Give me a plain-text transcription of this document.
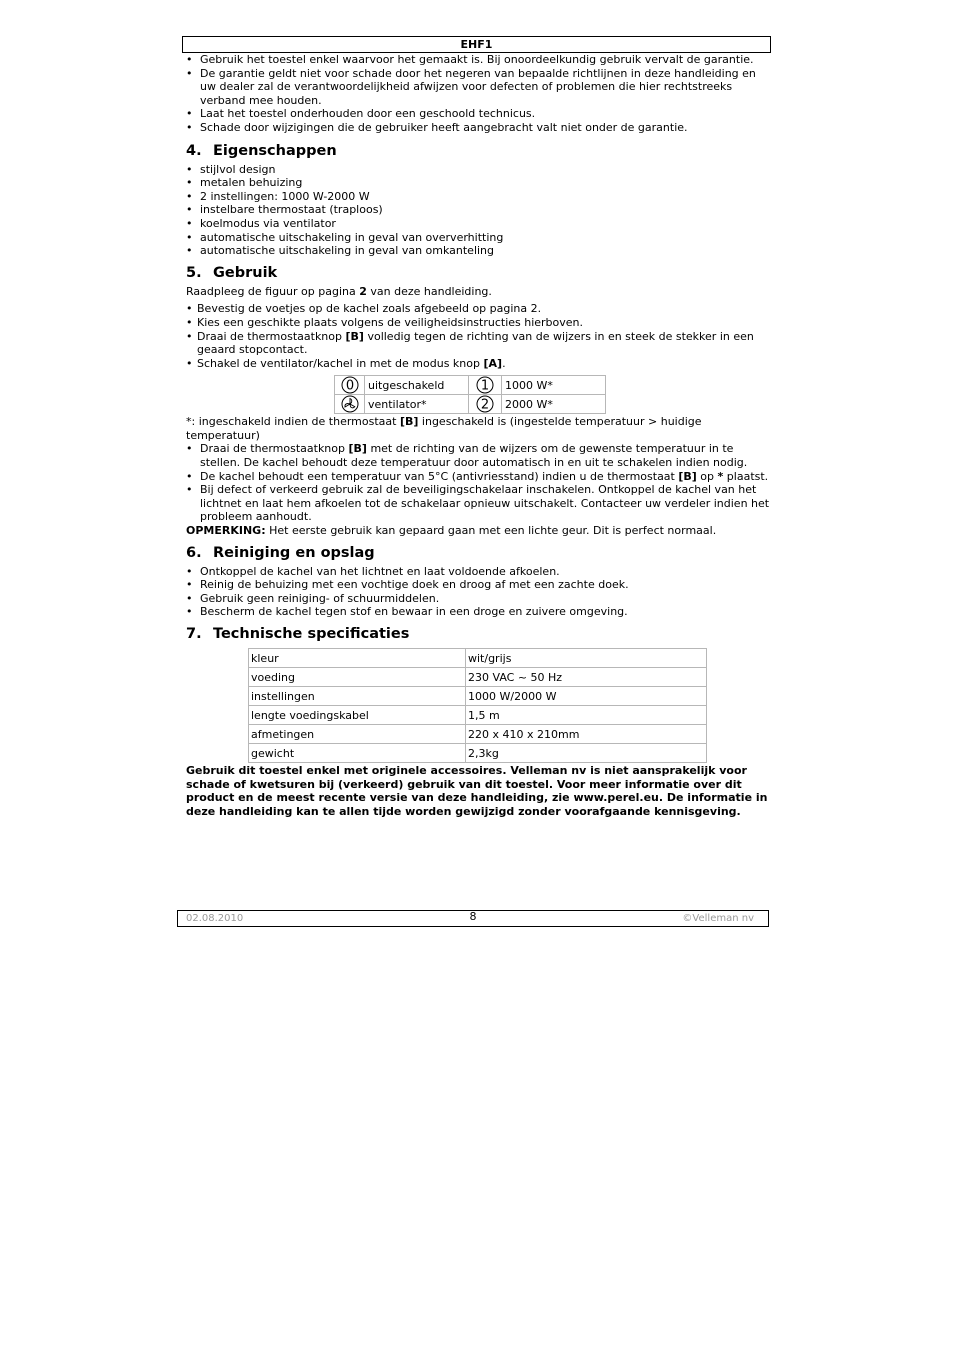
EHF1
• Gebruik het toestel enkel waarvoor het gemaakt is. Bij onoordeelkundig gebruik vervalt de garantie.
• De garantie geldt niet voor schade door het negeren van bepaalde richtlijnen in deze handleiding en uw dealer zal de verantwoordelijkheid afwijzen voor defecten of problemen die hier rechtstreeks verband mee houden.
• Laat het toestel onderhouden door een geschoold technicus.
• Schade door wijzigingen die de gebruiker heeft aangebracht valt niet onder de garantie.
4. Eigenschappen
• stijlvol design
• metalen behuizing
• 2 instellingen: 1000 W-2000 W
• instelbare thermostaat (traploos)
• koelmodus via ventilator
• automatische uitschakeling in geval van oververhitting
• automatische uitschakeling in geval van omkanteling
5. Gebruik

Raadpleeg de figuur op pagina 2 van deze handleiding.

• Bevestig de voetjes op de kachel zoals afgebeeld op pagina 2.
• Kies een geschikte plaats volgens de veiligheidsinstructies hierboven.
• Draai de thermostaatknop [B] volledig tegen de richting van de wijzers in en steek de stekker in een geaard stopcontact.
• Schakel de ventilator/kachel in met de modus knop [A].
0	uitgeschakeld	1	1000 W*

	ventilator*	2	2000 W*

*: ingeschakeld indien de thermostaat [B] ingeschakeld is (ingestelde temperatuur > huidige temperatuur)

• Draai de thermostaatknop [B] met de richting van de wijzers om de gewenste temperatuur in te stellen. De kachel behoudt deze temperatuur door automatisch in en uit te schakelen indien nodig.
• De kachel behoudt een temperatuur van 5°C (antivriesstand) indien u de thermostaat [B] op * plaatst.
• Bij defect of verkeerd gebruik zal de beveiligingschakelaar inschakelen. Ontkoppel de kachel van het lichtnet en laat hem afkoelen tot de schakelaar opnieuw uitschakelt. Contacteer uw verdeler indien het probleem aanhoudt.

OPMERKING: Het eerste gebruik kan gepaard gaan met een lichte geur. Dit is perfect normaal.

6. Reiniging en opslag
• Ontkoppel de kachel van het lichtnet en laat voldoende afkoelen.
• Reinig de behuizing met een vochtige doek en droog af met een zachte doek.
• Gebruik geen reiniging- of schuurmiddelen.
• Bescherm de kachel tegen stof en bewaar in een droge en zuivere omgeving.
7. Technische specificaties
kleur	wit/grijs
voeding	230 VAC ~ 50 Hz
instellingen	1000 W/2000 W
lengte voedingskabel	1,5 m
afmetingen	220 x 410 x 210mm
gewicht	2,3kg

Gebruik dit toestel enkel met originele accessoires. Velleman nv is niet aansprakelijk voor schade of kwetsuren bij (verkeerd) gebruik van dit toestel. Voor meer informatie over dit product en de meest recente versie van deze handleiding, zie www.perel.eu. De informatie in deze handleiding kan te allen tijde worden gewijzigd zonder voorafgaande kennisgeving.

02.08.2010	8	©Velleman nv
